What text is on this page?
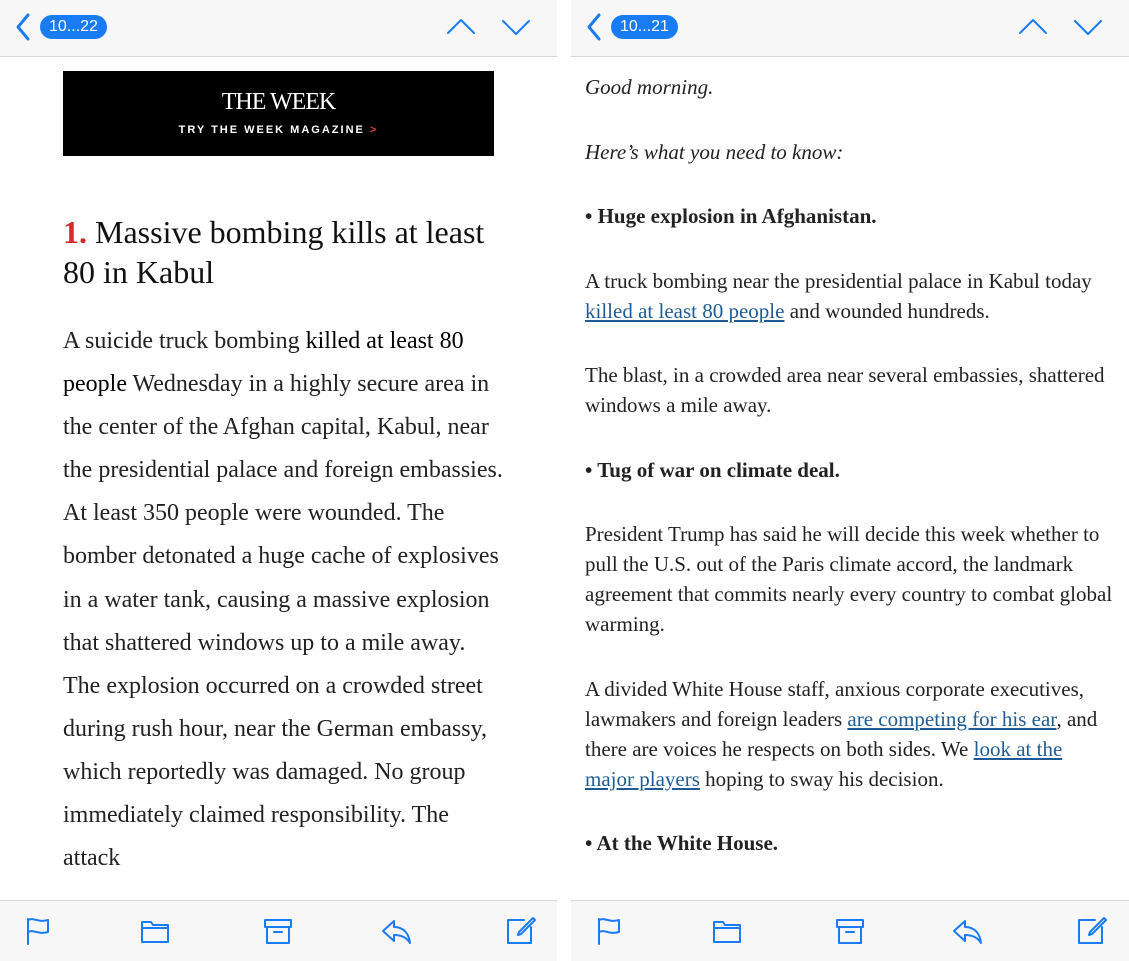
10...22
THE WEEK
TRY THE WEEK MAGAZINE >
1. Massive bombing kills at least 80 in Kabul
A suicide truck bombing killed at least 80 people Wednesday in a highly secure area in the center of the Afghan capital, Kabul, near the presidential palace and foreign embassies. At least 350 people were wounded. The bomber detonated a huge cache of explosives in a water tank, causing a massive explosion that shattered windows up to a mile away. The explosion occurred on a crowded street during rush hour, near the German embassy, which reportedly was damaged. No group immediately claimed responsibility. The attack
10...21

Good morning.

Here’s what you need to know:

• Huge explosion in Afghanistan.

A truck bombing near the presidential palace in Kabul today killed at least 80 people and wounded hundreds.

The blast, in a crowded area near several embassies, shattered windows a mile away.

• Tug of war on climate deal.

President Trump has said he will decide this week whether to pull the U.S. out of the Paris climate accord, the landmark agreement that commits nearly every country to combat global warming.

A divided White House staff, anxious corporate executives, lawmakers and foreign leaders are competing for his ear, and there are voices he respects on both sides. We look at the major players hoping to sway his decision.

• At the White House.
